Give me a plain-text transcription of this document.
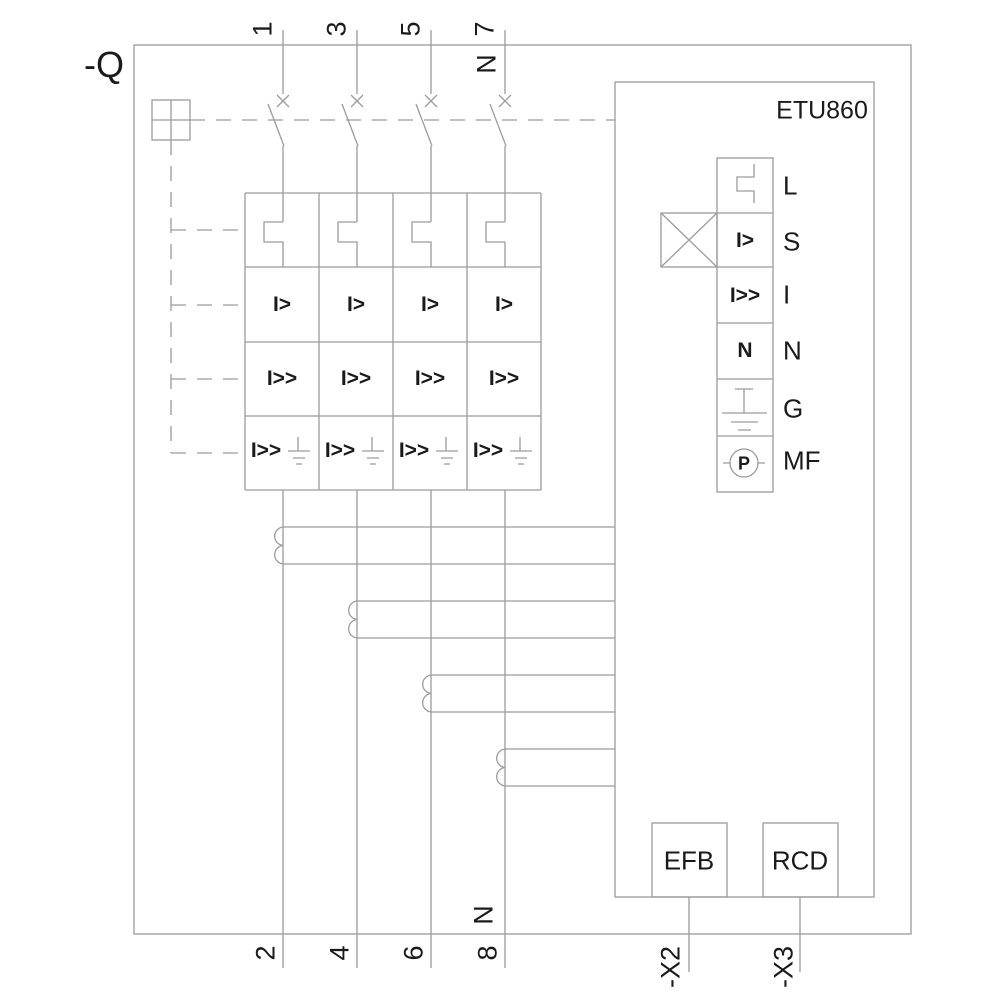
-Q
1 3 5 7
N
ETU860
I>	I>	I>	I>
I>> I>> I>> I>>
I>> I>> I>> I>>
I>
I>>
N
P
L
S
I
N
G
MF
EFB RCD
N
2 4 6 8	-X2	-X3
